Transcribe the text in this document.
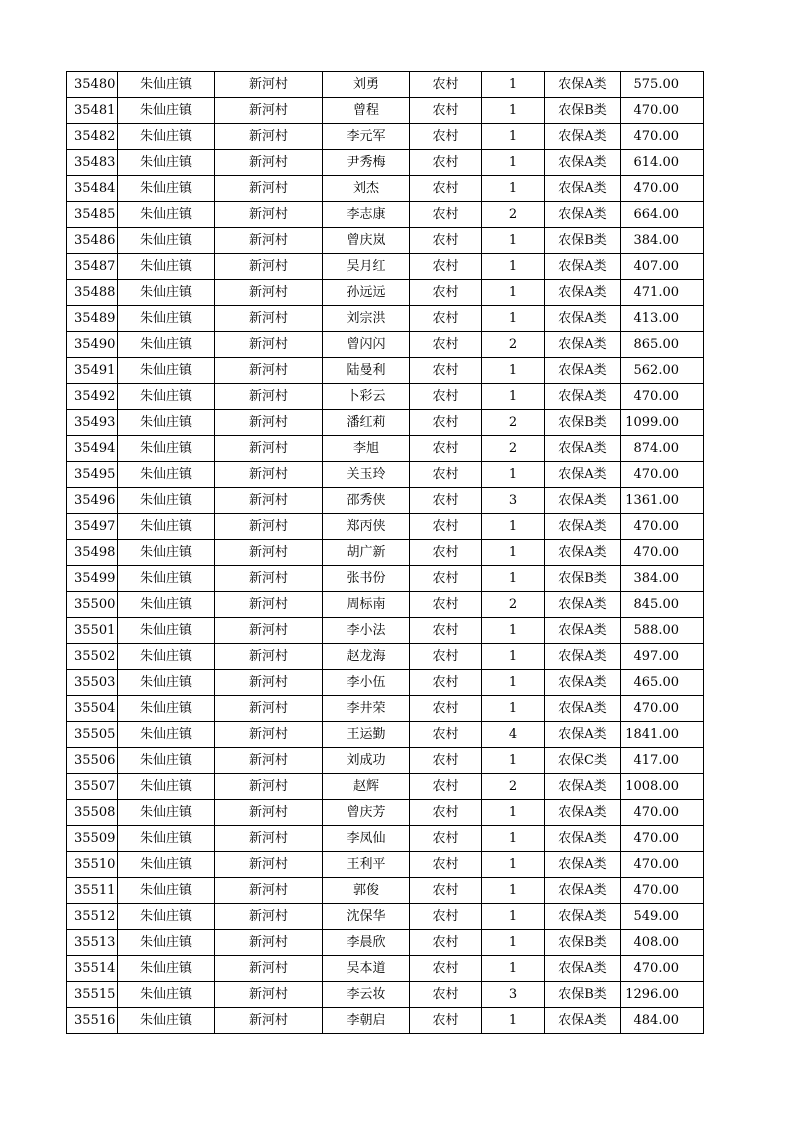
35480	朱仙庄镇	新河村	刘勇	农村	1	农保A类	575.00
35481	朱仙庄镇	新河村	曾程	农村	1	农保B类	470.00
35482	朱仙庄镇	新河村	李元军	农村	1	农保A类	470.00
35483	朱仙庄镇	新河村	尹秀梅	农村	1	农保A类	614.00
35484	朱仙庄镇	新河村	刘杰	农村	1	农保A类	470.00
35485	朱仙庄镇	新河村	李志康	农村	2	农保A类	664.00
35486	朱仙庄镇	新河村	曾庆岚	农村	1	农保B类	384.00
35487	朱仙庄镇	新河村	吴月红	农村	1	农保A类	407.00
35488	朱仙庄镇	新河村	孙远远	农村	1	农保A类	471.00
35489	朱仙庄镇	新河村	刘宗洪	农村	1	农保A类	413.00
35490	朱仙庄镇	新河村	曾闪闪	农村	2	农保A类	865.00
35491	朱仙庄镇	新河村	陆曼利	农村	1	农保A类	562.00
35492	朱仙庄镇	新河村	卜彩云	农村	1	农保A类	470.00
35493	朱仙庄镇	新河村	潘红莉	农村	2	农保B类	1099.00
35494	朱仙庄镇	新河村	李旭	农村	2	农保A类	874.00
35495	朱仙庄镇	新河村	关玉玲	农村	1	农保A类	470.00
35496	朱仙庄镇	新河村	邵秀侠	农村	3	农保A类	1361.00
35497	朱仙庄镇	新河村	郑丙侠	农村	1	农保A类	470.00
35498	朱仙庄镇	新河村	胡广新	农村	1	农保A类	470.00
35499	朱仙庄镇	新河村	张书份	农村	1	农保B类	384.00
35500	朱仙庄镇	新河村	周标南	农村	2	农保A类	845.00
35501	朱仙庄镇	新河村	李小法	农村	1	农保A类	588.00
35502	朱仙庄镇	新河村	赵龙海	农村	1	农保A类	497.00
35503	朱仙庄镇	新河村	李小伍	农村	1	农保A类	465.00
35504	朱仙庄镇	新河村	李井荣	农村	1	农保A类	470.00
35505	朱仙庄镇	新河村	王运勤	农村	4	农保A类	1841.00
35506	朱仙庄镇	新河村	刘成功	农村	1	农保C类	417.00
35507	朱仙庄镇	新河村	赵辉	农村	2	农保A类	1008.00
35508	朱仙庄镇	新河村	曾庆芳	农村	1	农保A类	470.00
35509	朱仙庄镇	新河村	李凤仙	农村	1	农保A类	470.00
35510	朱仙庄镇	新河村	王利平	农村	1	农保A类	470.00
35511	朱仙庄镇	新河村	郭俊	农村	1	农保A类	470.00
35512	朱仙庄镇	新河村	沈保华	农村	1	农保A类	549.00
35513	朱仙庄镇	新河村	李晨欣	农村	1	农保B类	408.00
35514	朱仙庄镇	新河村	吴本道	农村	1	农保A类	470.00
35515	朱仙庄镇	新河村	李云妆	农村	3	农保B类	1296.00
35516	朱仙庄镇	新河村	李朝启	农村	1	农保A类	484.00
